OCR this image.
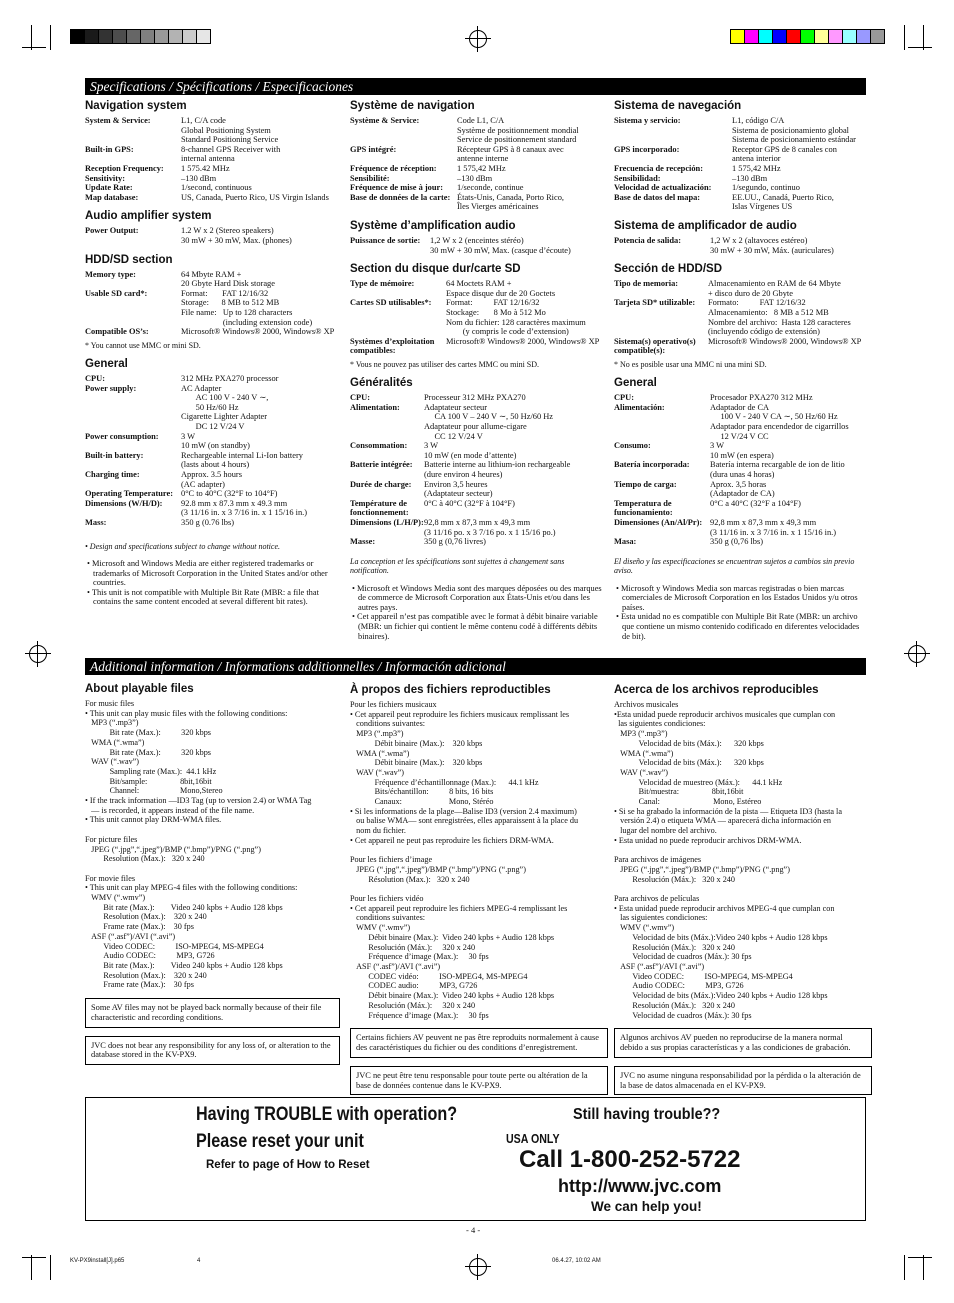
Specifications / Spécifications / Especificaciones
Navigation system
System & Service:	L1, C/A code
Global Positioning System
Standard Positioning Service
Built-in GPS:	8-channel GPS Receiver with
internal antenna
Reception Frequency:	1 575.42 MHz
Sensitivity:	–130 dBm
Update Rate:	1/second, continuous
Map database:	US, Canada, Puerto Rico, US Virgin Islands
Audio amplifier system
Power Output:	1.2 W x 2 (Stereo speakers)
30 mW + 30 mW, Max. (phones)
HDD/SD section
Memory type:	64 Mbyte RAM +
20 Gbyte Hard Disk storage
Usable SD card*:	Format:       FAT 12/16/32
Storage:      8 MB to 512 MB
File name:   Up to 128 characters
(including extension code)
Compatible OS’s:	Microsoft® Windows® 2000, Windows® XP
* You cannot use MMC or mini SD.
General
CPU:	312 MHz PXA270 processor
Power supply:	AC Adapter
AC 100 V - 240 V ∼,
50 Hz/60 Hz
Cigarette Lighter Adapter
DC 12 V/24 V
Power consumption:	3 W
10 mW (on standby)
Built-in battery:	Rechargeable internal Li-Ion battery
(lasts about 4 hours)
Charging time:	Approx. 3.5 hours
(AC adapter)
Operating Temperature: 0°C to 40°C (32°F to 104°F)
Dimensions (W/H/D):	92.8 mm x 87.3 mm x 49.3 mm
(3 11/16 in. x 3 7/16 in. x 1 15/16 in.)
Mass:	350 g (0.76 lbs)
• Design and specifications subject to change without notice.
• Microsoft and Windows Media are either registered trademarks or trademarks of Microsoft Corporation in the United States and/or other countries.
• This unit is not compatible with Multiple Bit Rate (MBR: a file that contains the same content encoded at several different bit rates).
Système de navigation
Système & Service:	Code L1, C/A
Système de positionnement mondial
Service de positionnement standard
GPS intégré:	Récepteur GPS à 8 canaux avec
antenne interne
Fréquence de réception:	1 575,42 MHz
Sensibilité:	–130 dBm
Fréquence de mise à jour:	1/seconde, continue
Base de données de la carte: États-Unis, Canada, Porto Rico,
Îles Vierges américaines
Système d’amplification audio
Puissance de sortie:	1,2 W x 2 (enceintes stéréo)
30 mW + 30 mW, Max. (casque d’écoute)
Section du disque dur/carte SD
Type de mémoire:	64 Moctets RAM +
Espace disque dur de 20 Goctets
Cartes SD utilisables*:	Format:          FAT 12/16/32
Stockage:       8 Mo à 512 Mo
Nom du fichier: 128 caractères maximum
(y compris le code d’extension)
Systèmes d’exploitation compatibles:
Microsoft® Windows® 2000, Windows® XP
* Vous ne pouvez pas utiliser des cartes MMC ou mini SD.
Généralités
CPU:	Processeur 312 MHz PXA270
Alimentation:	Adaptateur secteur
CA 100 V – 240 V ∼, 50 Hz/60 Hz
Adaptateur pour allume-cigare
CC 12 V/24 V
Consommation:	3 W
10 mW (en mode d’attente)
Batterie intégrée:	Batterie interne au lithium-ion rechargeable
(dure environ 4 heures)
Durée de charge:	Environ 3,5 heures
(Adaptateur secteur)
Température de fonctionnement:
0°C à 40°C (32°F à 104°F)
Dimensions (L/H/P): 92,8 mm x 87,3 mm x 49,3 mm
(3 11/16 po. x 3 7/16 po. x 1 15/16 po.)
Masse:	350 g (0,76 livres)
La conception et les spécifications sont sujettes à changement sans notification.
• Microsoft et Windows Media sont des marques déposées ou des marques de commerce de Microsoft Corporation aux États-Unis et/ou dans les autres pays.
• Cet appareil n’est pas compatible avec le format à débit binaire variable (MBR: un fichier qui contient le même contenu codé à différents débits binaires).
Sistema de navegación
Sistema y servicio:	L1, código C/A
Sistema de posicionamiento global
Sistema de posicionamiento estándar
GPS incorporado:	Receptor GPS de 8 canales con
antena interior
Frecuencia de recepción:	1 575,42 MHz
Sensibilidad:	–130 dBm
Velocidad de actualización:	1/segundo, continuo
Base de datos del mapa:	EE.UU., Canadá, Puerto Rico,
Islas Vírgenes US
Sistema de amplificador de audio
Potencia de salida:	1,2 W x 2 (altavoces estéreo)
30 mW + 30 mW, Máx. (auriculares)
Sección de HDD/SD
Tipo de memoria:	Almacenamiento en RAM de 64 Mbyte
+ disco duro de 20 Gbyte
Tarjeta SD* utilizable:	Formato:          FAT 12/16/32
Almacenamiento:   8 MB a 512 MB
Nombre del archivo:  Hasta 128 caracteres
(incluyendo código de extensión)
Sistema(s) operativo(s) compatible(s):
Microsoft® Windows® 2000, Windows® XP
* No es posible usar una MMC ni una mini SD.
General
CPU:	Procesador PXA270 312 MHz
Alimentación:	Adaptador de CA
100 V - 240 V CA ∼, 50 Hz/60 Hz
Adaptador para encendedor de cigarrillos
12 V/24 V CC
Consumo:	3 W
10 mW (en espera)
Batería incorporada:	Batería interna recargable de ion de litio
(dura unas 4 horas)
Tiempo de carga:	Aprox. 3,5 horas
(Adaptador de CA)
Temperatura de funcionamiento:
0°C a 40°C (32°F a 104°F)
Dimensiones (An/Al/Pr): 92,8 mm x 87,3 mm x 49,3 mm
(3 11/16 in. x 3 7/16 in. x 1 15/16 in.)
Masa:	350 g (0,76 lbs)
El diseño y las especificaciones se encuentran sujetos a cambios sin previo aviso.
• Microsoft y Windows Media son marcas registradas o bien marcas comerciales de Microsoft Corporation en los Estados Unidos y/u otros países.
• Esta unidad no es compatible con Multiple Bit Rate (MBR: un archivo que contiene un mismo contenido codificado en diferentes velocidades de bit).
Additional information / Informations additionnelles / Información adicional
About playable files
For music files
• This unit can play music files with the following conditions:
MP3 (“.mp3”)
Bit rate (Max.):          320 kbps
WMA (“.wma”)
Bit rate (Max.):          320 kbps
WAV (“.wav”)
Sampling rate (Max.):  44.1 kHz
Bit/sample:                8bit,16bit
Channel:                    Mono,Stereo
• If the track information —ID3 Tag (up to version 2.4) or WMA Tag
— is recorded, it appears instead of the file name.
• This unit cannot play DRM-WMA files.

For picture files
JPEG (“.jpg”,“.jpeg”)/BMP (“.bmp”)/PNG (“.png”)
Resolution (Max.):   320 x 240

For movie files
• This unit can play MPEG-4 files with the following conditions:
WMV (“.wmv”)
Bit rate (Max.):        Video 240 kpbs + Audio 128 kbps
Resolution (Max.):    320 x 240
Frame rate (Max.):    30 fps
ASF (“.asf”)/AVI (“.avi”)
Video CODEC:          ISO-MPEG4, MS-MPEG4
Audio CODEC:          MP3, G726
Bit rate (Max.):        Video 240 kpbs + Audio 128 kbps
Resolution (Max.):    320 x 240
Frame rate (Max.):    30 fps
Some AV files may not be played back normally because of their file characteristic and recording conditions.
JVC does not bear any responsibility for any loss of, or alteration to the database stored in the KV-PX9.
À propos des fichiers reproductibles
Pour les fichiers musicaux
• Cet appareil peut reproduire les fichiers musicaux remplissant les
conditions suivantes:
MP3 (“.mp3”)
Débit binaire (Max.):    320 kbps
WMA (“.wma”)
Débit binaire (Max.):    320 kbps
WAV (“.wav”)
Fréquence d’échantillonnage (Max.):      44.1 kHz
Bits/échantillon:          8 bits, 16 bits
Canaux:                       Mono, Stéréo
• Si les informations de la plage—Balise ID3 (version 2.4 maximum)
ou balise WMA— sont enregistrées, elles apparaissent à la place du
nom du fichier.
• Cet appareil ne peut pas reproduire les fichiers DRM-WMA.

Pour les fichiers d’image
JPEG (“.jpg”,“.jpeg”)/BMP (“.bmp”)/PNG (“.png”)
Résolution (Max.):   320 x 240

Pour les fichiers vidéo
• Cet appareil peut reproduire les fichiers MPEG-4 remplissant les
conditions suivantes:
WMV (“.wmv”)
Débit binaire (Max.):  Video 240 kpbs + Audio 128 kbps
Resolución (Máx.):     320 x 240
Fréquence d’image (Max.):     30 fps
ASF (“.asf”)/AVI (“.avi”)
CODEC vidéo:          ISO-MPEG4, MS-MPEG4
CODEC audio:          MP3, G726
Débit binaire (Max.):  Video 240 kpbs + Audio 128 kbps
Resolución (Máx.):     320 x 240
Fréquence d’image (Max.):     30 fps
Certains fichiers AV peuvent ne pas être reproduits normalement à cause des caractéristiques du fichier ou des conditions d’enregistrement.
JVC ne peut être tenu responsable pour toute perte ou altération de la base de données contenue dans le KV-PX9.
Acerca de los archivos reproducibles
Archivos musicales
•Esta unidad puede reproducir archivos musicales que cumplan con
las siguientes condiciones:
MP3 (“.mp3”)
Velocidad de bits (Máx.):      320 kbps
WMA (“.wma”)
Velocidad de bits (Máx.):      320 kbps
WAV (“.wav”)
Velocidad de muestreo (Máx.):      44.1 kHz
Bit/muestra:                8bit,16bit
Canal:                          Mono, Estéreo
• Si se ha grabado la información de la pista — Etiqueta ID3 (hasta la
versión 2.4) o etiqueta WMA — aparecerá dicha información en
lugar del nombre del archivo.
• Esta unidad no puede reproducir archivos DRM-WMA.

Para archivos de imágenes
JPEG (“.jpg”,“.jpeg”)/BMP (“.bmp”)/PNG (“.png”)
Resolución (Máx.):   320 x 240

Para archivos de películas
• Esta unidad puede reproducir archivos MPEG-4 que cumplan con
las siguientes condiciones:
WMV (“.wmv”)
Velocidad de bits (Máx.):Video 240 kpbs + Audio 128 kbps
Resolución (Máx.):   320 x 240
Velocidad de cuadros (Máx.): 30 fps
ASF (“.asf”)/AVI (“.avi”)
Video CODEC:          ISO-MPEG4, MS-MPEG4
Audio CODEC:          MP3, G726
Velocidad de bits (Máx.):Video 240 kpbs + Audio 128 kbps
Resolución (Máx.):   320 x 240
Velocidad de cuadros (Máx.): 30 fps
Algunos archivos AV pueden no reproducirse de la manera normal debido a sus propias características y a las condiciones de grabación.
JVC no asume ninguna responsabilidad por la pérdida o la alteración de la base de datos almacenada en el KV-PX9.
Having TROUBLE with operation?
Please reset your unit
Refer to page of How to Reset
Still having trouble??
USA ONLY
Call 1-800-252-5722
http://www.jvc.com
We can help you!
- 4 -
KV-PX9install[J].p65	4	06.4.27, 10:02 AM
